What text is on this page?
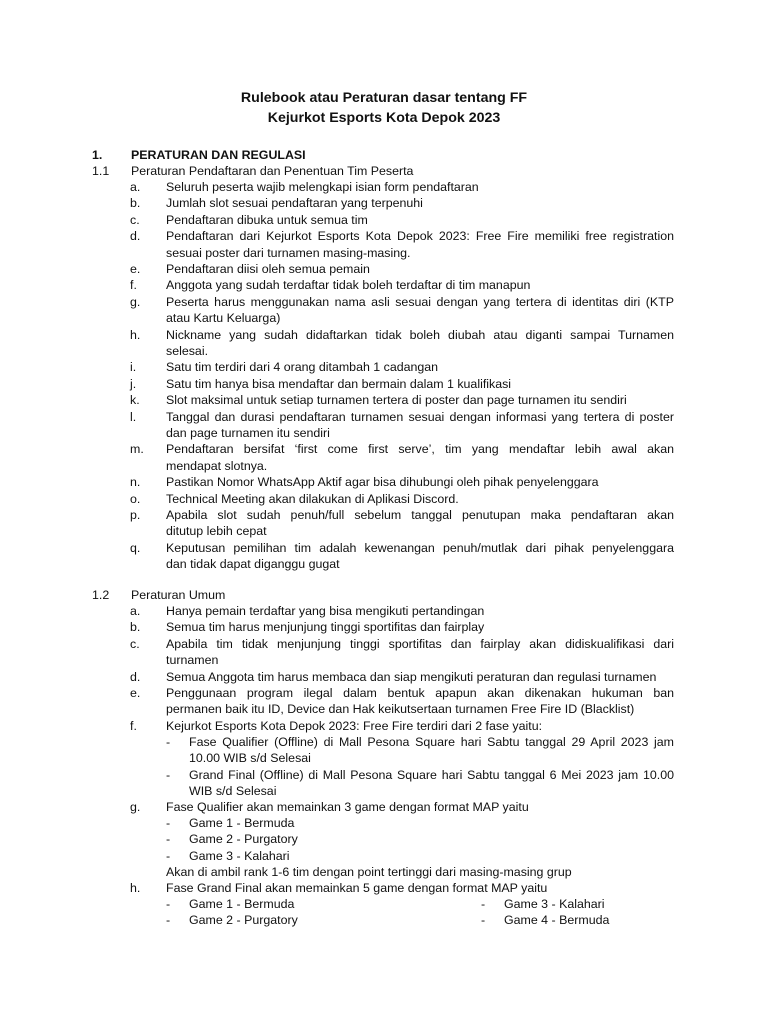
Rulebook atau Peraturan dasar tentang FF
Kejurkot Esports Kota Depok 2023
1. PERATURAN DAN REGULASI
1.1 Peraturan Pendaftaran dan Penentuan Tim Peserta
a. Seluruh peserta wajib melengkapi isian form pendaftaran
b. Jumlah slot sesuai pendaftaran yang terpenuhi
c. Pendaftaran dibuka untuk semua tim
d. Pendaftaran dari Kejurkot Esports Kota Depok 2023: Free Fire memiliki free registration
sesuai poster dari turnamen masing-masing.
e. Pendaftaran diisi oleh semua pemain
f. Anggota yang sudah terdaftar tidak boleh terdaftar di tim manapun
g. Peserta harus menggunakan nama asli sesuai dengan yang tertera di identitas diri (KTP
atau Kartu Keluarga)
h. Nickname yang sudah didaftarkan tidak boleh diubah atau diganti sampai Turnamen
selesai.
i. Satu tim terdiri dari 4 orang ditambah 1 cadangan
j. Satu tim hanya bisa mendaftar dan bermain dalam 1 kualifikasi
k. Slot maksimal untuk setiap turnamen tertera di poster dan page turnamen itu sendiri
l. Tanggal dan durasi pendaftaran turnamen sesuai dengan informasi yang tertera di poster
dan page turnamen itu sendiri
m. Pendaftaran bersifat ‘first come first serve’, tim yang mendaftar lebih awal akan
mendapat slotnya.
n. Pastikan Nomor WhatsApp Aktif agar bisa dihubungi oleh pihak penyelenggara
o. Technical Meeting akan dilakukan di Aplikasi Discord.
p. Apabila slot sudah penuh/full sebelum tanggal penutupan maka pendaftaran akan
ditutup lebih cepat
q. Keputusan pemilihan tim adalah kewenangan penuh/mutlak dari pihak penyelenggara
dan tidak dapat diganggu gugat
1.2 Peraturan Umum
a. Hanya pemain terdaftar yang bisa mengikuti pertandingan
b. Semua tim harus menjunjung tinggi sportifitas dan fairplay
c. Apabila tim tidak menjunjung tinggi sportifitas dan fairplay akan didiskualifikasi dari
turnamen
d. Semua Anggota tim harus membaca dan siap mengikuti peraturan dan regulasi turnamen
e. Penggunaan program ilegal dalam bentuk apapun akan dikenakan hukuman ban
permanen baik itu ID, Device dan Hak keikutsertaan turnamen Free Fire ID (Blacklist)
f. Kejurkot Esports Kota Depok 2023: Free Fire terdiri dari 2 fase yaitu:
- Fase Qualifier (Offline) di Mall Pesona Square hari Sabtu tanggal 29 April 2023 jam
10.00 WIB s/d Selesai
- Grand Final (Offline) di Mall Pesona Square hari Sabtu tanggal 6 Mei 2023 jam 10.00
WIB s/d Selesai
g. Fase Qualifier akan memainkan 3 game dengan format MAP yaitu
- Game 1 - Bermuda
- Game 2 - Purgatory
- Game 3 - Kalahari
Akan di ambil rank 1-6 tim dengan point tertinggi dari masing-masing grup
h. Fase Grand Final akan memainkan 5 game dengan format MAP yaitu
- Game 1 - Bermuda
- Game 2 - Purgatory
- Game 3 - Kalahari
- Game 4 - Bermuda
